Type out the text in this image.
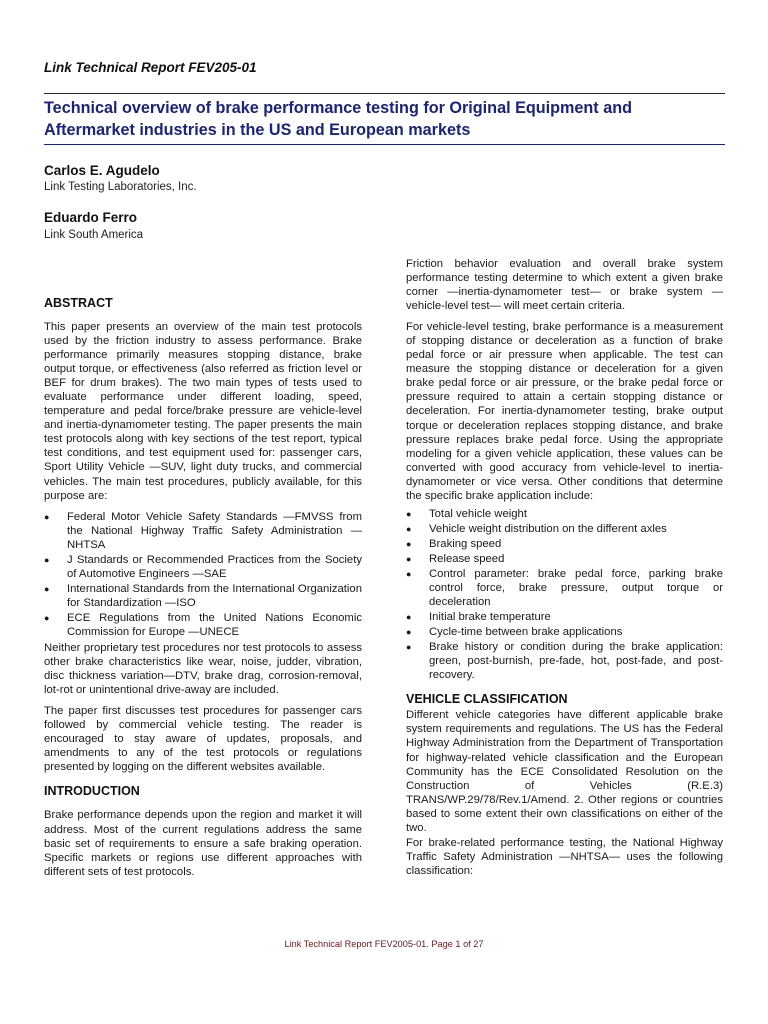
Link Technical Report FEV205-01
Technical overview of brake performance testing for Original Equipment and
Aftermarket industries in the US and European markets
Carlos E. Agudelo
Link Testing Laboratories, Inc.
Eduardo Ferro
Link South America
ABSTRACT

This paper presents an overview of the main test protocols used by the friction industry to assess performance. Brake performance primarily measures stopping distance, brake output torque, or effectiveness (also referred as friction level or BEF for drum brakes). The two main types of tests used to evaluate performance under different loading, speed, temperature and pedal force/brake pressure are vehicle-level and inertia-dynamometer testing. The paper presents the main test protocols along with key sections of the test report, typical test conditions, and test equipment used for: passenger cars, Sport Utility Vehicle —SUV, light duty trucks, and commercial vehicles. The main test procedures, publicly available, for this purpose are:

● Federal Motor Vehicle Safety Standards —FMVSS from the National Highway Traffic Safety Administration —NHTSA
● J Standards or Recommended Practices from the Society of Automotive Engineers —SAE
● International Standards from the International Organization for Standardization —ISO
● ECE Regulations from the United Nations Economic Commission for Europe —UNECE

Neither proprietary test procedures nor test protocols to assess other brake characteristics like wear, noise, judder, vibration, disc thickness variation—DTV, brake drag, corrosion-removal, lot-rot or unintentional drive-away are included.

The paper first discusses test procedures for passenger cars followed by commercial vehicle testing. The reader is encouraged to stay aware of updates, proposals, and amendments to any of the test protocols or regulations presented by logging on the different websites available.

INTRODUCTION

Brake performance depends upon the region and market it will address. Most of the current regulations address the same basic set of requirements to ensure a safe braking operation. Specific markets or regions use different approaches with different sets of test protocols.

Friction behavior evaluation and overall brake system performance testing determine to which extent a given brake corner —inertia-dynamometer test— or brake system —vehicle-level test— will meet certain criteria.

For vehicle-level testing, brake performance is a measurement of stopping distance or deceleration as a function of brake pedal force or air pressure when applicable. The test can measure the stopping distance or deceleration for a given brake pedal force or air pressure, or the brake pedal force or pressure required to attain a certain stopping distance or deceleration. For inertia-dynamometer testing, brake output torque or deceleration replaces stopping distance, and brake pressure replaces brake pedal force. Using the appropriate modeling for a given vehicle application, these values can be converted with good accuracy from vehicle-level to inertia-dynamometer or vice versa. Other conditions that determine the specific brake application include:

● Total vehicle weight
● Vehicle weight distribution on the different axles
● Braking speed
● Release speed
● Control parameter: brake pedal force, parking brake control force, brake pressure, output torque or deceleration
● Initial brake temperature
● Cycle-time between brake applications
● Brake history or condition during the brake application: green, post-burnish, pre-fade, hot, post-fade, and post-recovery.
VEHICLE CLASSIFICATION

Different vehicle categories have different applicable brake system requirements and regulations. The US has the Federal Highway Administration from the Department of Transportation for highway-related vehicle classification and the European Community has the ECE Consolidated Resolution on the Construction of Vehicles (R.E.3) TRANS/WP.29/78/Rev.1/Amend. 2. Other regions or countries based to some extent their own classifications on either of the two.

For brake-related performance testing, the National Highway Traffic Safety Administration —NHTSA— uses the following classification:

Link Technical Report FEV2005-01. Page 1 of 27
